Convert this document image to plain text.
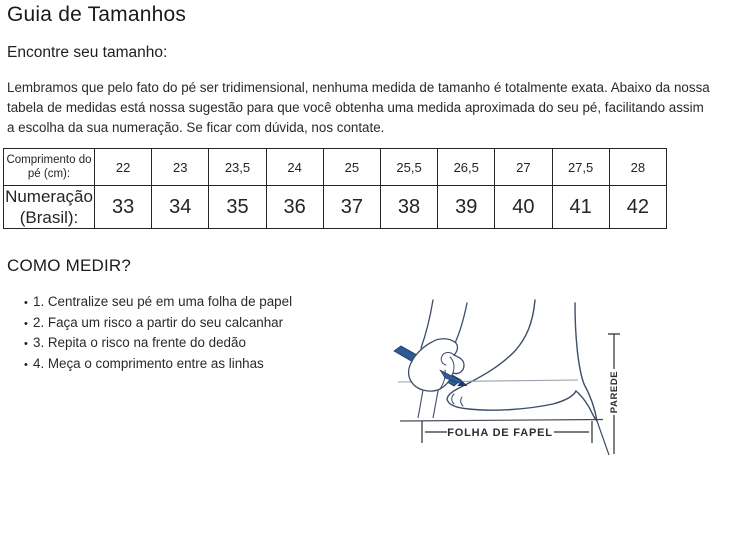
Guia de Tamanhos
Encontre seu tamanho:
Lembramos que pelo fato do pé ser tridimensional, nenhuma medida de tamanho é totalmente exata. Abaixo da nossa tabela de medidas está nossa sugestão para que você obtenha uma medida aproximada do seu pé, facilitando assim a escolha da sua numeração. Se ficar com dúvida, nos contate.
Comprimento do pé (cm):	22	23	23,5	24	25	25,5	26,5	27	27,5	28
Numeração (Brasil):	33	34	35	36	37	38	39	40	41	42
COMO MEDIR?
• 1. Centralize seu pé em uma folha de papel
• 2. Faça um risco a partir do seu calcanhar
• 3. Repita o risco na frente do dedão
• 4. Meça o comprimento entre as linhas
FOLHA DE FAPEL
PAREDE
